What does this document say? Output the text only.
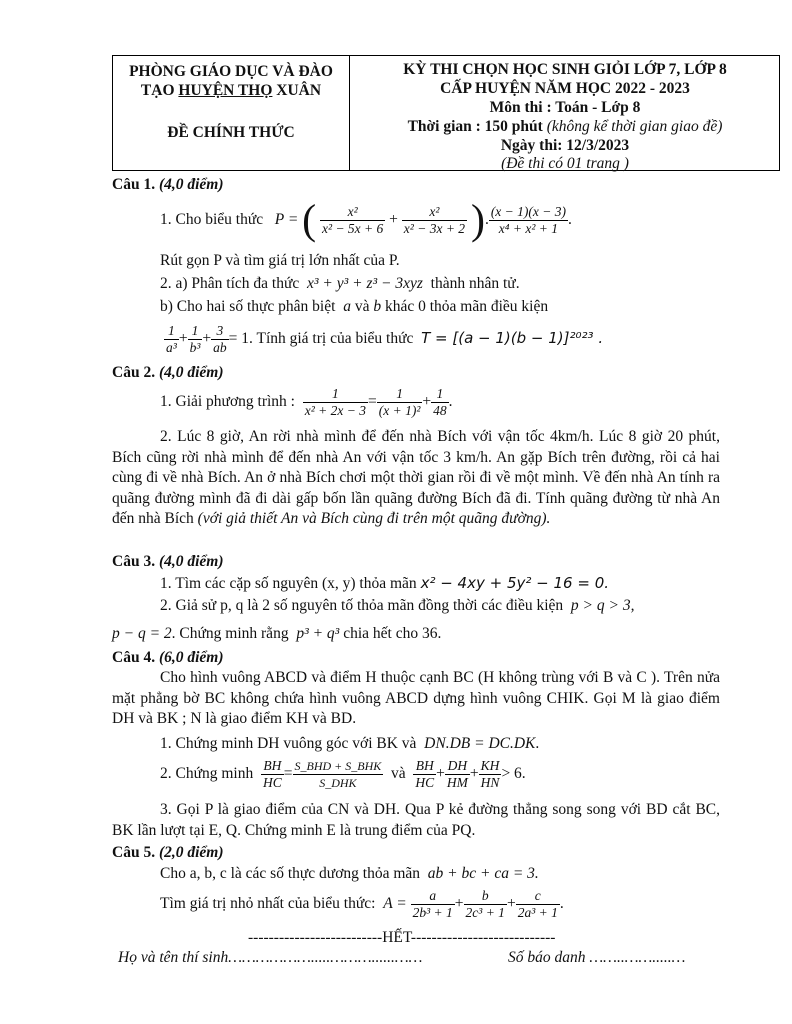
PHÒNG GIÁO DỤC VÀ ĐÀO
TẠO HUYỆN THỌ XUÂN
ĐỀ CHÍNH THỨC
KỲ THI CHỌN HỌC SINH GIỎI LỚP 7, LỚP 8
CẤP HUYỆN NĂM HỌC 2022 - 2023
Môn thi : Toán - Lớp 8
Thời gian : 150 phút (không kể thời gian giao đề)
Ngày thi: 12/3/2023
(Đề thi có 01 trang )
Câu 1. (4,0 điểm)
1. Cho biểu thức P = ( $\frac{\text{x²}}{\text{x² − 5x + 6}} + \frac{\text{x²}}{\text{x² − 3x + 2}}$ ). $\frac{(x - 1)(x - 3)}{\text{x⁴ + x² + 1}}$ .
Rút gọn P và tìm giá trị lớn nhất của P.
2. a) Phân tích đa thức x³ + y³ + z³ − 3xyz thành nhân tử.
b) Cho hai số thực phân biệt a và b khác 0 thỏa mãn điều kiện
$\frac{1}{\text{a³}} + \frac{1}{\text{b³}} + \frac{3}{ab} = 1$. Tính giá trị của biểu thức T = [(a − 1)(b − 1)]²⁰²³ .
Câu 2. (4,0 điểm)
1. Giải phương trình : $\frac{1}{\text{x² + 2x − 3}} = \frac{1}{\text{(x + 1)²}} + \frac{1}{48}$ .
2. Lúc 8 giờ, An rời nhà mình để đến nhà Bích với vận tốc 4km/h. Lúc 8 giờ 20 phút, Bích cũng rời nhà mình để đến nhà An với vận tốc 3 km/h. An gặp Bích trên đường, rồi cả hai cùng đi về nhà Bích. An ở nhà Bích chơi một thời gian rồi đi về một mình. Về đến nhà An tính ra quãng đường mình đã đi dài gấp bốn lần quãng đường Bích đã đi. Tính quãng đường từ nhà An đến nhà Bích (với giả thiết An và Bích cùng đi trên một quãng đường).
Câu 3. (4,0 điểm)
1. Tìm các cặp số nguyên (x, y) thỏa mãn x² − 4xy + 5y² − 16 = 0.
2. Giả sử p, q là 2 số nguyên tố thỏa mãn đồng thời các điều kiện p > q > 3,
p − q = 2. Chứng minh rằng p³ + q³ chia hết cho 36.
Câu 4. (6,0 điểm)
Cho hình vuông ABCD và điểm H thuộc cạnh BC (H không trùng với B và C ). Trên nửa mặt phẳng bờ BC không chứa hình vuông ABCD dựng hình vuông CHIK. Gọi M là giao điểm DH và BK ; N là giao điểm KH và BD.
1. Chứng minh DH vuông góc với BK và DN.DB = DC.DK.
2. Chứng minh $\frac{BH}{HC} = \frac{\text{S\_BHD + S\_BHK}}{\text{S\_DHK}}$ và $\frac{BH}{HC} + \frac{DH}{HM} + \frac{KH}{HN} > 6$.
3. Gọi P là giao điểm của CN và DH. Qua P kẻ đường thẳng song song với BD cắt BC, BK lần lượt tại E, Q. Chứng minh E là trung điểm của PQ.
Câu 5. (2,0 điểm)
Cho a, b, c là các số thực dương thỏa mãn ab + bc + ca = 3.
Tìm giá trị nhỏ nhất của biểu thức: $A = \frac{a}{\text{2b³ + 1}} + \frac{b}{\text{2c³ + 1}} + \frac{c}{\text{2a³ + 1}}$ .
--------------------------HẾT----------------------------
Họ và tên thí sinh……………….....………......……	Số báo danh ……..…….....…
